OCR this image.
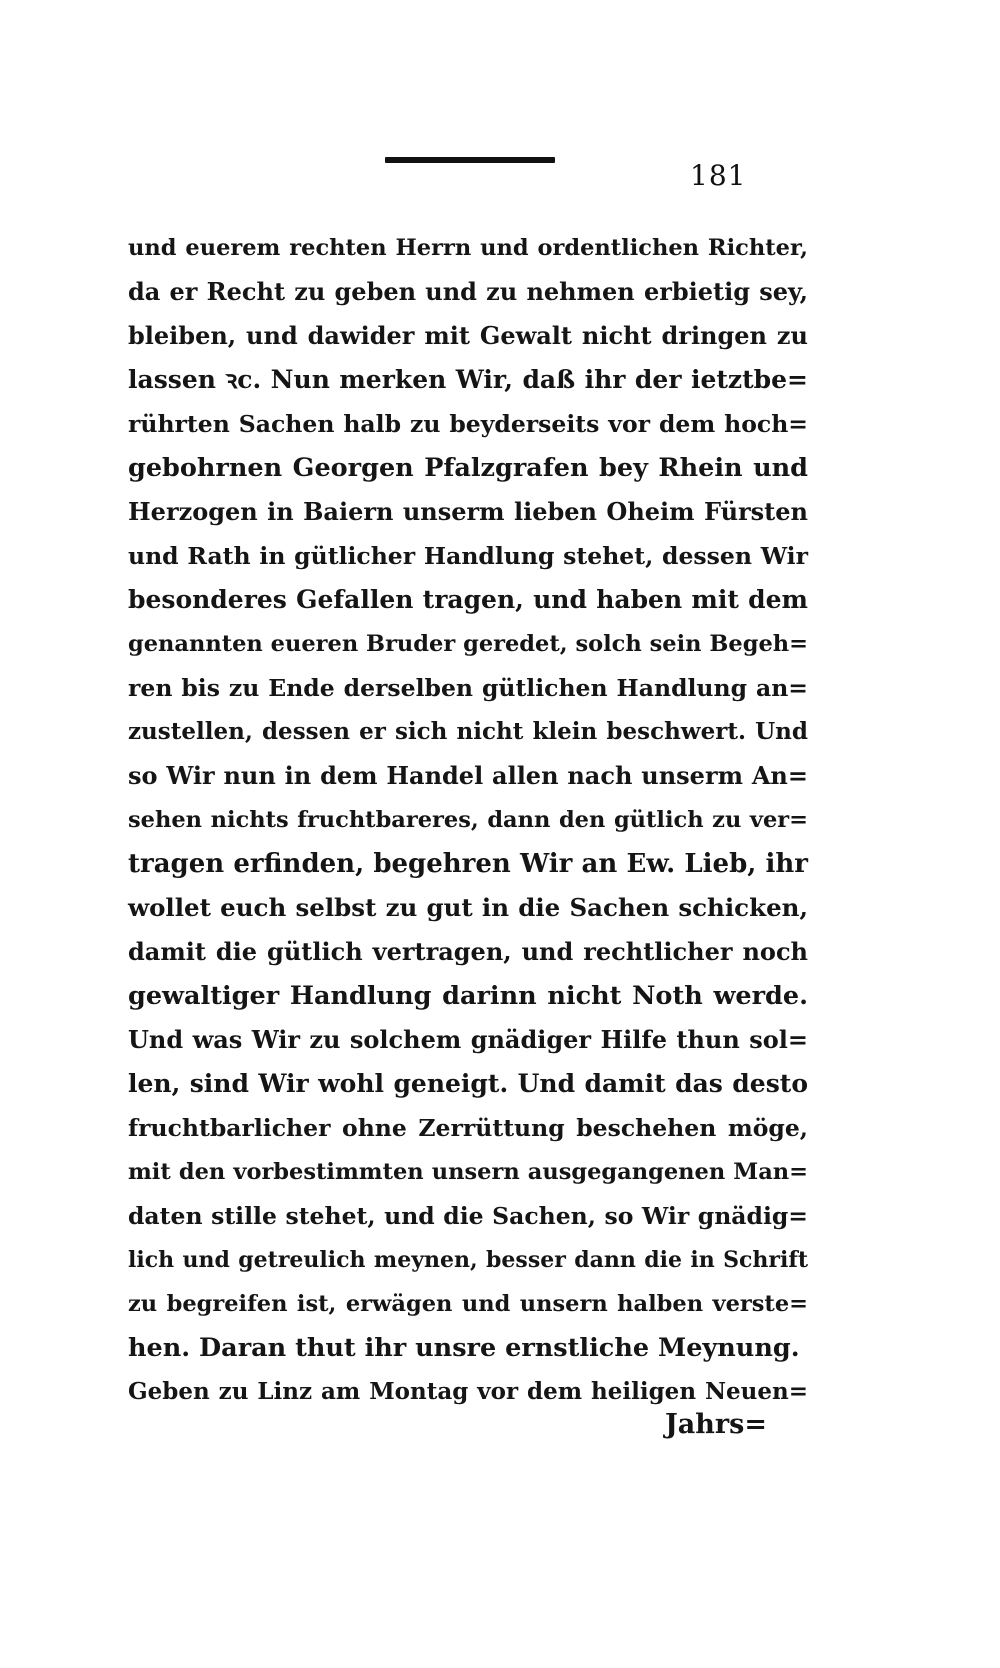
181
und euerem rechten Herrn und ordentlichen Richter,
da er Recht zu geben und zu nehmen erbietig sey,
bleiben, und dawider mit Gewalt nicht dringen zu
lassen ꝛc. Nun merken Wir, daß ihr der ietztbe=
rührten Sachen halb zu beyderseits vor dem hoch=
gebohrnen Georgen Pfalzgrafen bey Rhein und
Herzogen in Baiern unserm lieben Oheim Fürsten
und Rath in gütlicher Handlung stehet, dessen Wir
besonderes Gefallen tragen, und haben mit dem
genannten eueren Bruder geredet, solch sein Begeh=
ren bis zu Ende derselben gütlichen Handlung an=
zustellen, dessen er sich nicht klein beschwert. Und
so Wir nun in dem Handel allen nach unserm An=
sehen nichts fruchtbareres, dann den gütlich zu ver=
tragen erfinden, begehren Wir an Ew. Lieb, ihr
wollet euch selbst zu gut in die Sachen schicken,
damit die gütlich vertragen, und rechtlicher noch
gewaltiger Handlung darinn nicht Noth werde.
Und was Wir zu solchem gnädiger Hilfe thun sol=
len, sind Wir wohl geneigt. Und damit das desto
fruchtbarlicher ohne Zerrüttung beschehen möge,
mit den vorbestimmten unsern ausgegangenen Man=
daten stille stehet, und die Sachen, so Wir gnädig=
lich und getreulich meynen, besser dann die in Schrift
zu begreifen ist, erwägen und unsern halben verste=
hen. Daran thut ihr unsre ernstliche Meynung.
Geben zu Linz am Montag vor dem heiligen Neuen=
Jahrs=
